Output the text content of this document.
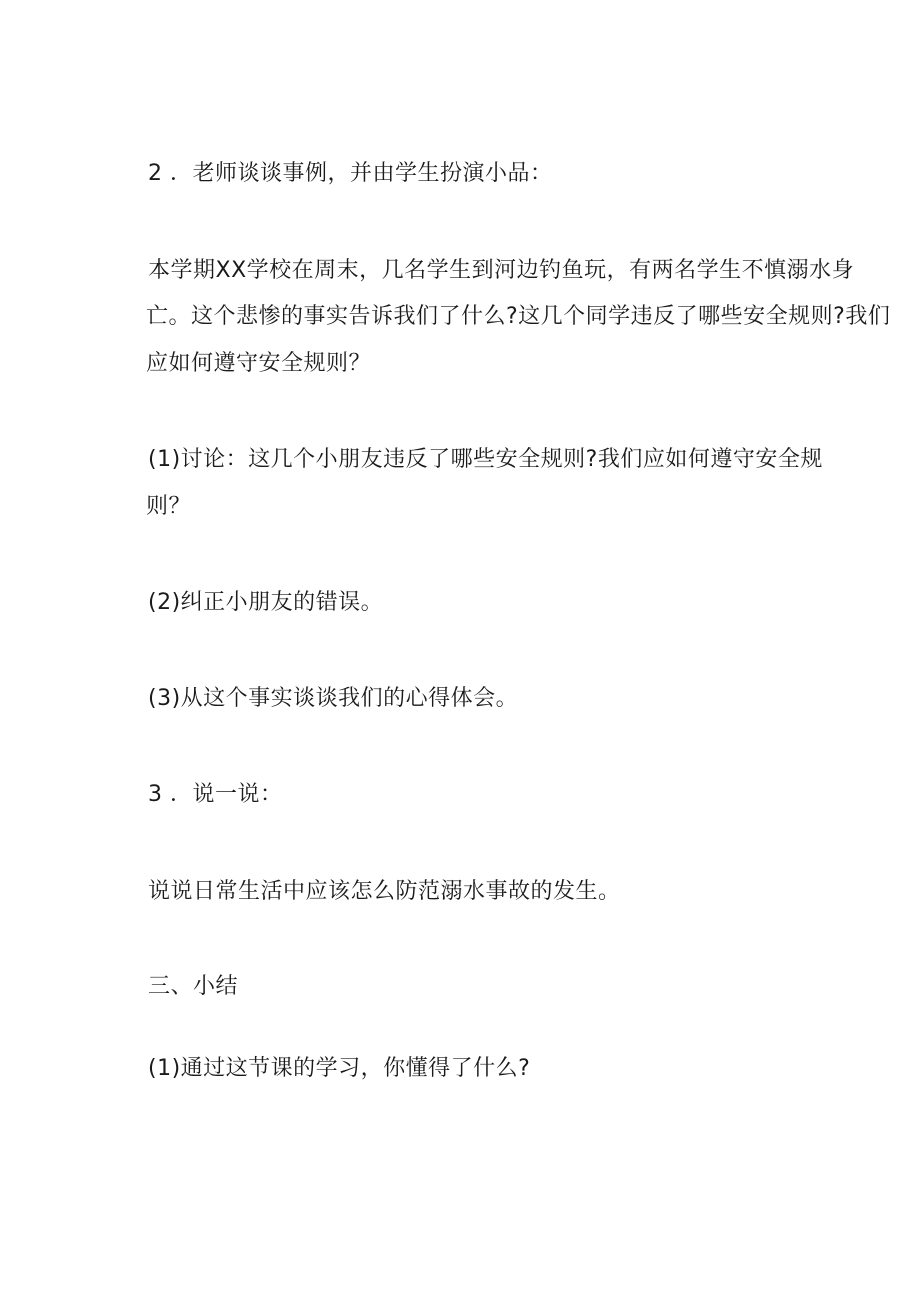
2 ．老师谈谈事例，并由学生扮演小品：
本学期XX学校在周末，几名学生到河边钓鱼玩，有两名学生不慎溺水身
亡。这个悲惨的事实告诉我们了什么?这几个同学违反了哪些安全规则?我们
应如何遵守安全规则？
(1)讨论：这几个小朋友违反了哪些安全规则?我们应如何遵守安全规
则？
(2)纠正小朋友的错误。
(3)从这个事实谈谈我们的心得体会。
3 ．说一说：
说说日常生活中应该怎么防范溺水事故的发生。
三、小结
(1)通过这节课的学习，你懂得了什么?
